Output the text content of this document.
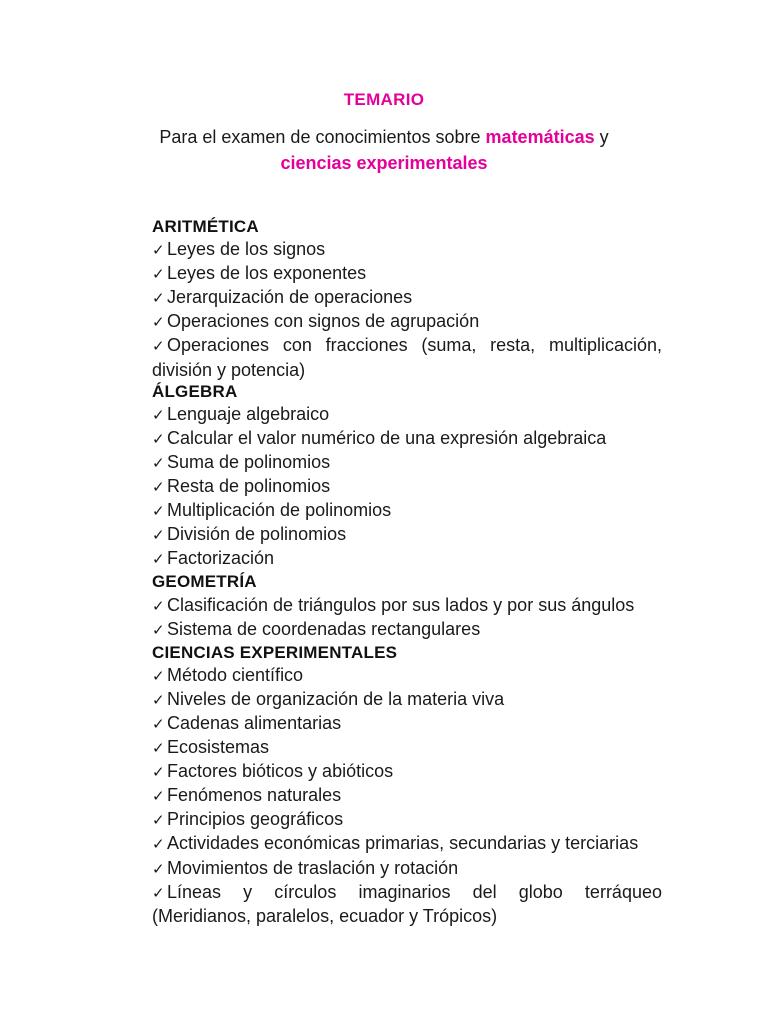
TEMARIO
Para el examen de conocimientos sobre matemáticas y
ciencias experimentales
ARITMÉTICA
✓ Leyes de los signos
✓ Leyes de los exponentes
✓ Jerarquización de operaciones
✓ Operaciones con signos de agrupación
✓ Operaciones con fracciones (suma, resta, multiplicación, división y potencia)
ÁLGEBRA
✓ Lenguaje algebraico
✓ Calcular el valor numérico de una expresión algebraica
✓ Suma de polinomios
✓ Resta de polinomios
✓ Multiplicación de polinomios
✓ División de polinomios
✓ Factorización
GEOMETRÍA
✓ Clasificación de triángulos por sus lados y por sus ángulos
✓ Sistema de coordenadas rectangulares
CIENCIAS EXPERIMENTALES
✓ Método científico
✓ Niveles de organización de la materia viva
✓ Cadenas alimentarias
✓ Ecosistemas
✓ Factores bióticos y abióticos
✓ Fenómenos naturales
✓ Principios geográficos
✓ Actividades económicas primarias, secundarias y terciarias
✓ Movimientos de traslación y rotación
✓ Líneas y círculos imaginarios del globo terráqueo (Meridianos, paralelos, ecuador y Trópicos)
